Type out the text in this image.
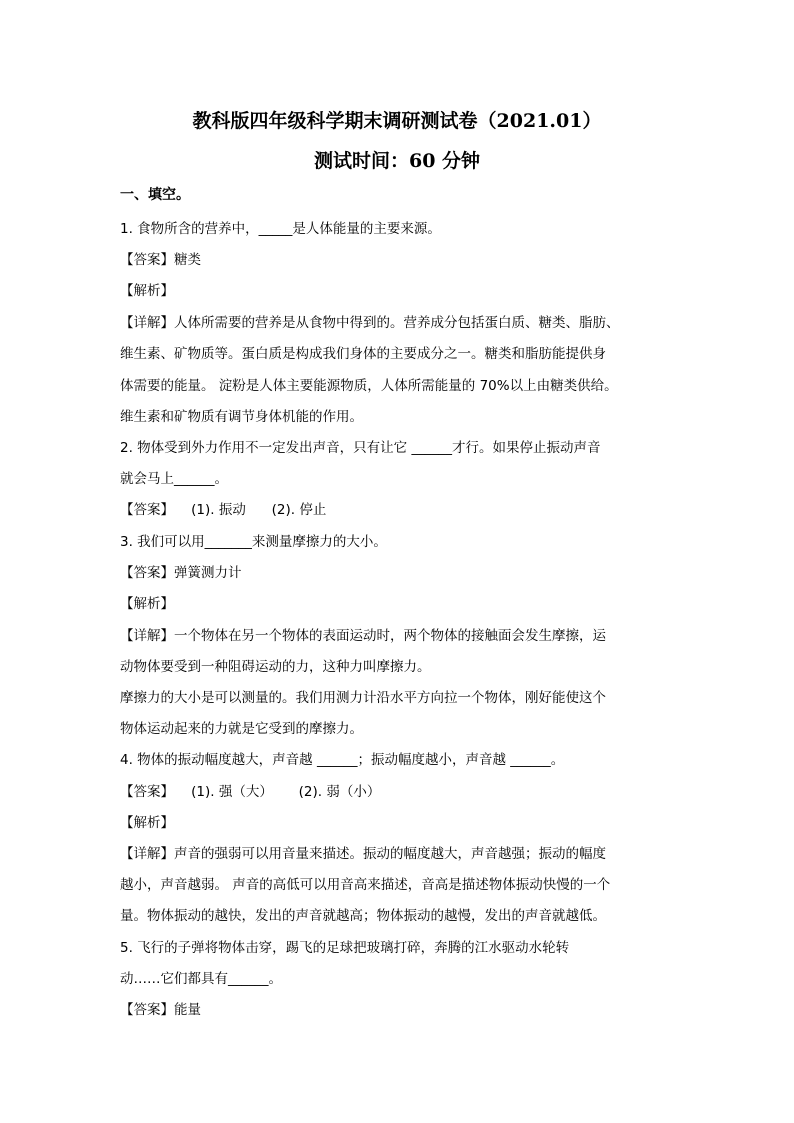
教科版四年级科学期末调研测试卷（2021.01）
测试时间：60 分钟
一、填空。
1. 食物所含的营养中，_____是人体能量的主要来源。
【答案】糖类
【解析】
【详解】人体所需要的营养是从食物中得到的。营养成分包括蛋白质、糖类、脂肪、
维生素、矿物质等。蛋白质是构成我们身体的主要成分之一。糖类和脂肪能提供身
体需要的能量。 淀粉是人体主要能源物质，人体所需能量的 70%以上由糖类供给。
维生素和矿物质有调节身体机能的作用。
2. 物体受到外力作用不一定发出声音，只有让它 ______才行。如果停止振动声音
就会马上______。
【答案】    (1). 振动      (2). 停止
3. 我们可以用_______来测量摩擦力的大小。
【答案】弹簧测力计
【解析】
【详解】一个物体在另一个物体的表面运动时，两个物体的接触面会发生摩擦，运
动物体要受到一种阻碍运动的力，这种力叫摩擦力。
摩擦力的大小是可以测量的。我们用测力计沿水平方向拉一个物体，刚好能使这个
物体运动起来的力就是它受到的摩擦力。
4. 物体的振动幅度越大，声音越 ______；振动幅度越小，声音越 ______。
【答案】    (1). 强（大）      (2). 弱（小）
【解析】
【详解】声音的强弱可以用音量来描述。振动的幅度越大，声音越强；振动的幅度
越小，声音越弱。 声音的高低可以用音高来描述，音高是描述物体振动快慢的一个
量。物体振动的越快，发出的声音就越高；物体振动的越慢，发出的声音就越低。
5. 飞行的子弹将物体击穿，踢飞的足球把玻璃打碎，奔腾的江水驱动水轮转
动……它们都具有______。
【答案】能量
